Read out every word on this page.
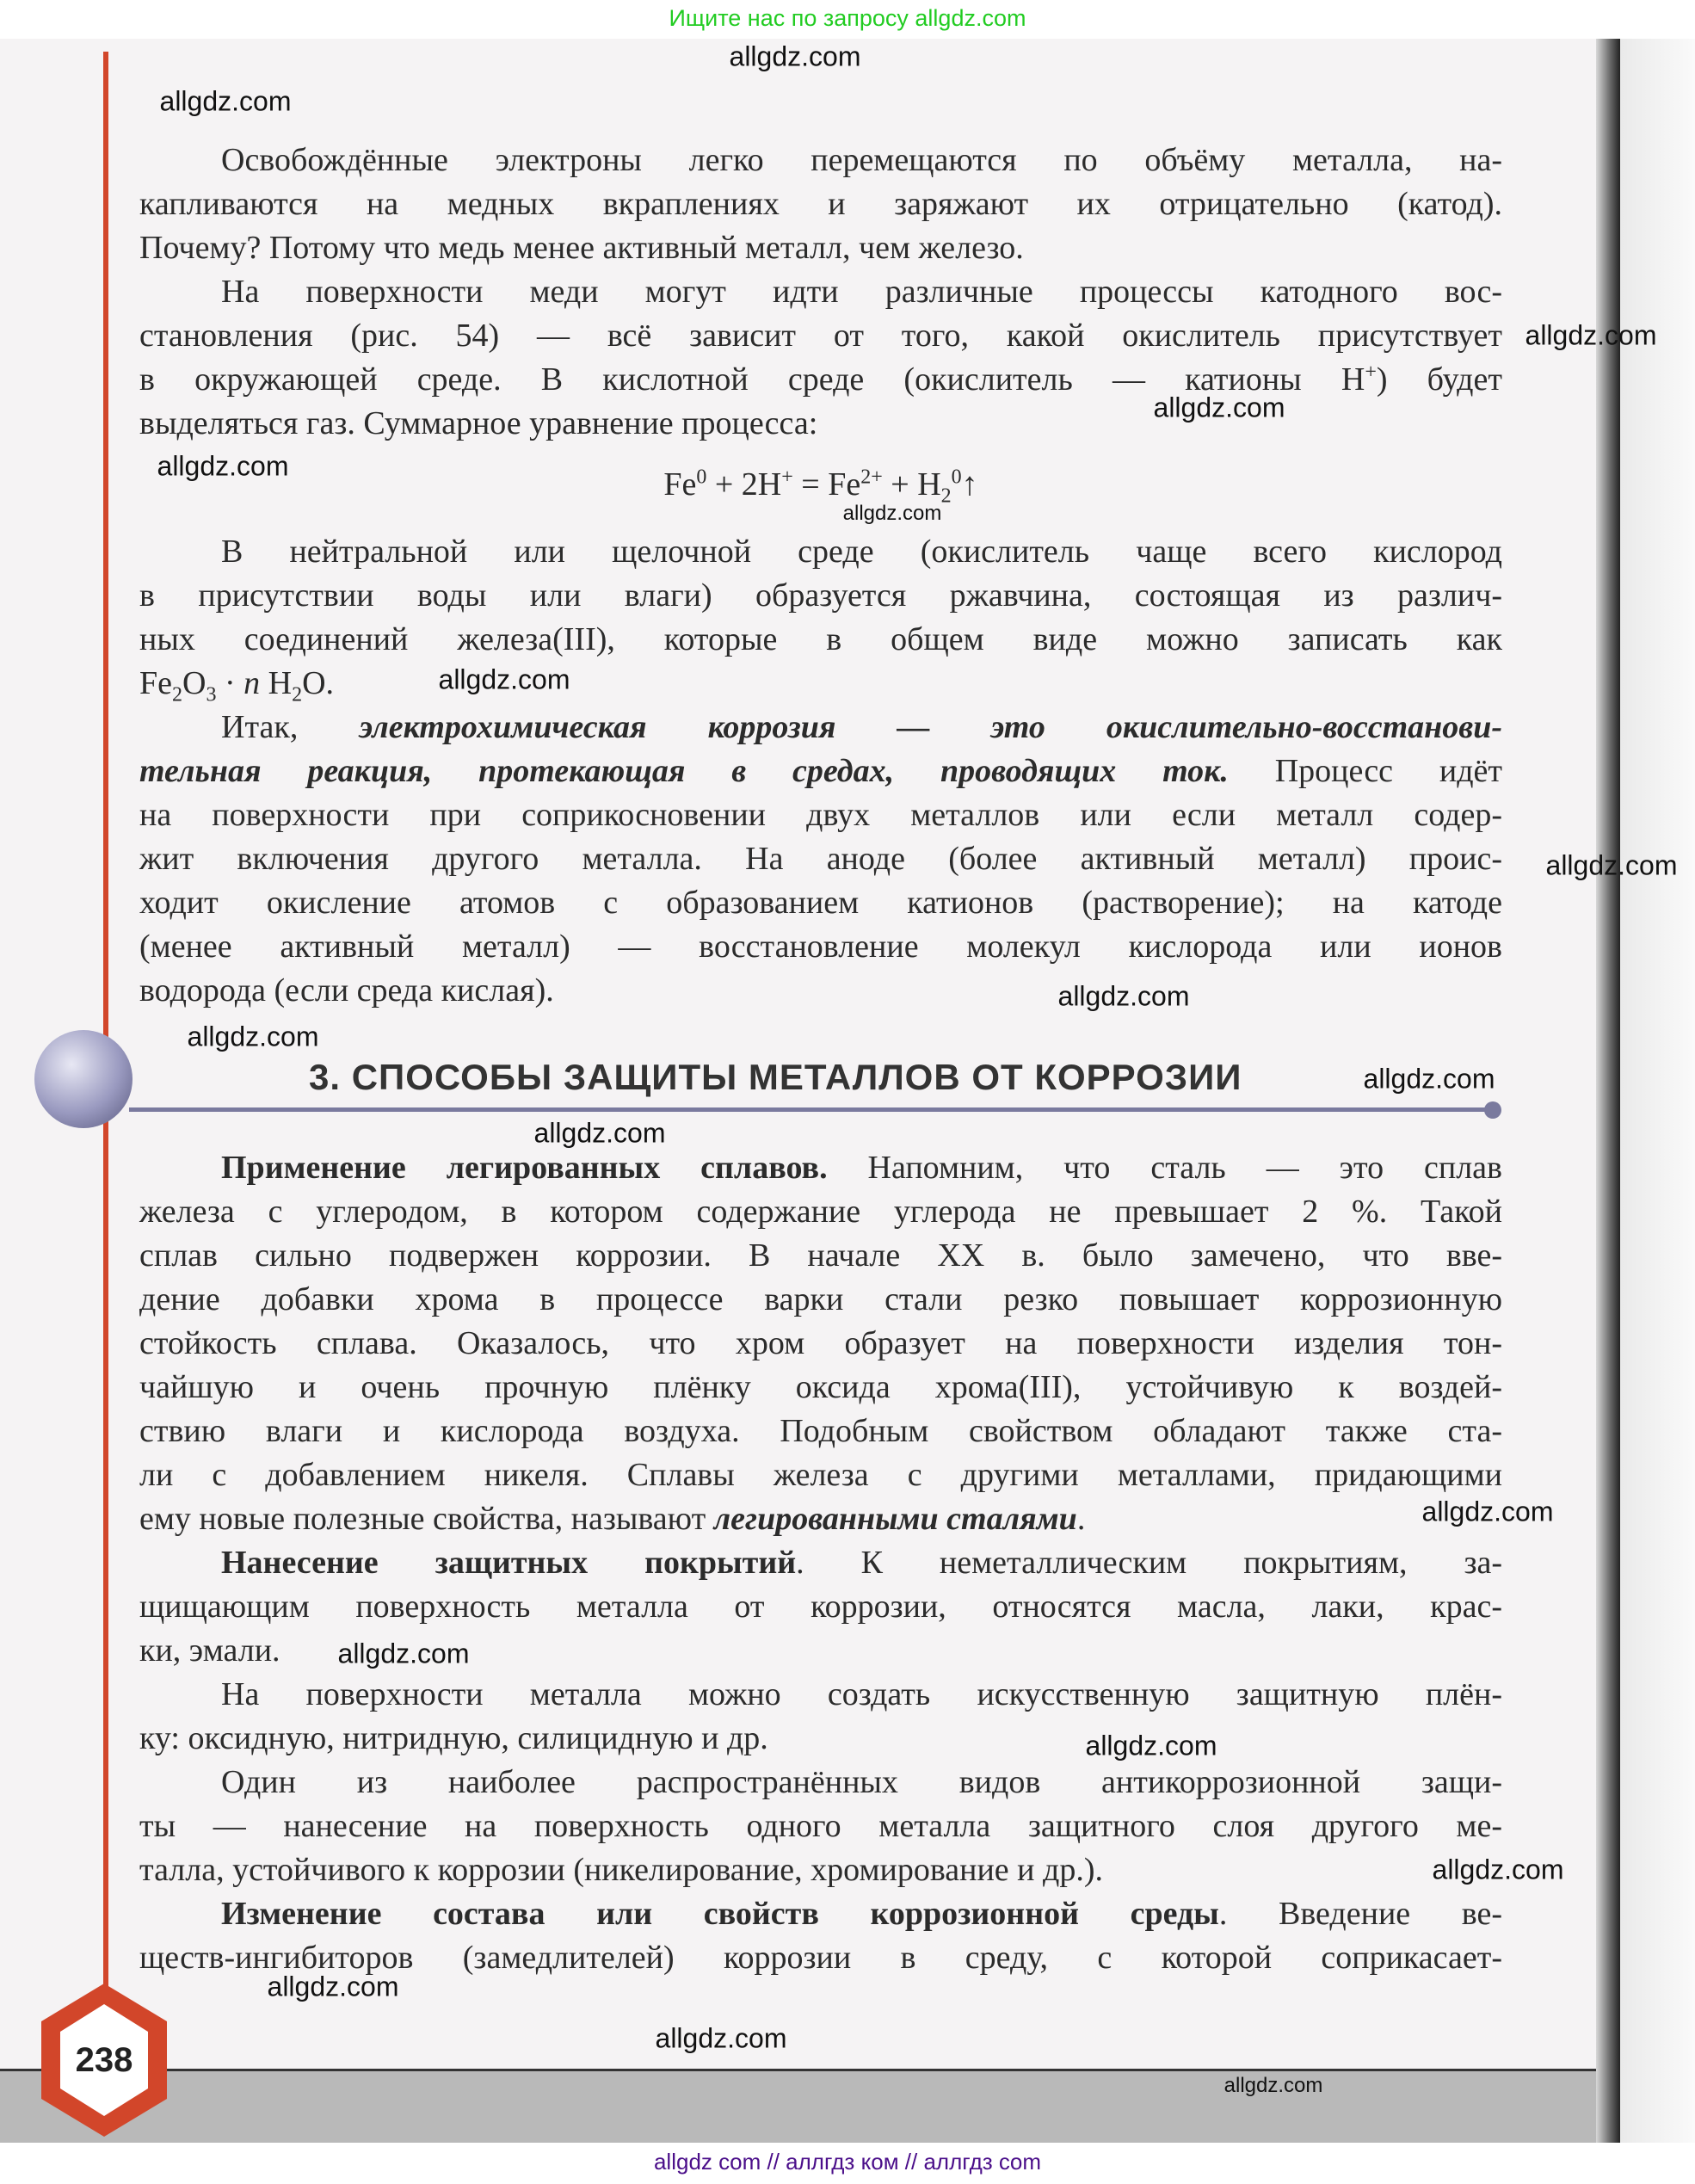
Ищите нас по запросу allgdz.com
Освобождённые электроны легко перемещаются по объёму металла, на-
капливаются на медных вкраплениях и заряжают их отрицательно (катод).
Почему? Потому что медь менее активный металл, чем железо.
На поверхности меди могут идти различные процессы катодного вос-
становления (рис. 54) — всё зависит от того, какой окислитель присутствует
в окружающей среде. В кислотной среде (окислитель — катионы H+) будет
выделяться газ. Суммарное уравнение процесса:
$Fe^0 + 2H^+ = Fe^{2+}$ + $H_2^0↑$
В нейтральной или щелочной среде (окислитель чаще всего кислород
в присутствии воды или влаги) образуется ржавчина, состоящая из различ-
ных соединений железа(III), которые в общем виде можно записать как
$Fe_2O_3 \cdot n$ $H_2O$.
Итак, электрохимическая коррозия — это окислительно-восстанови-
тельная реакция, протекающая в средах, проводящих ток. Процесс идёт
на поверхности при соприкосновении двух металлов или если металл содер-
жит включения другого металла. На аноде (более активный металл) проис-
ходит окисление атомов с образованием катионов (растворение); на катоде
(менее активный металл) — восстановление молекул кислорода или ионов
водорода (если среда кислая).
3. СПОСОБЫ ЗАЩИТЫ МЕТАЛЛОВ ОТ КОРРОЗИИ
Применение легированных сплавов. Напомним, что сталь — это сплав
железа с углеродом, в котором содержание углерода не превышает 2 %. Такой
сплав сильно подвержен коррозии. В начале XX в. было замечено, что вве-
дение добавки хрома в процессе варки стали резко повышает коррозионную
стойкость сплава. Оказалось, что хром образует на поверхности изделия тон-
чайшую и очень прочную плёнку оксида хрома(III), устойчивую к воздей-
ствию влаги и кислорода воздуха. Подобным свойством обладают также ста-
ли с добавлением никеля. Сплавы железа с другими металлами, придающими
ему новые полезные свойства, называют легированными сталями.
Нанесение защитных покрытий. К неметаллическим покрытиям, за-
щищающим поверхность металла от коррозии, относятся масла, лаки, крас-
ки, эмали.
На поверхности металла можно создать искусственную защитную плён-
ку: оксидную, нитридную, силицидную и др.
Один из наиболее распространённых видов антикоррозионной защи-
ты — нанесение на поверхность одного металла защитного слоя другого ме-
талла, устойчивого к коррозии (никелирование, хромирование и др.).
Изменение состава или свойств коррозионной среды. Введение ве-
ществ-ингибиторов (замедлителей) коррозии в среду, с которой соприкасает-
238
allgdz.com
allgdz.com
allgdz.com
allgdz.com
allgdz.com
allgdz.com
allgdz.com
allgdz.com
allgdz.com
allgdz.com
allgdz.com
allgdz.com
allgdz.com
allgdz.com
allgdz.com
allgdz.com
allgdz.com
allgdz.com
allgdz.com
allgdz com // аллгдз ком // аллгдз com
